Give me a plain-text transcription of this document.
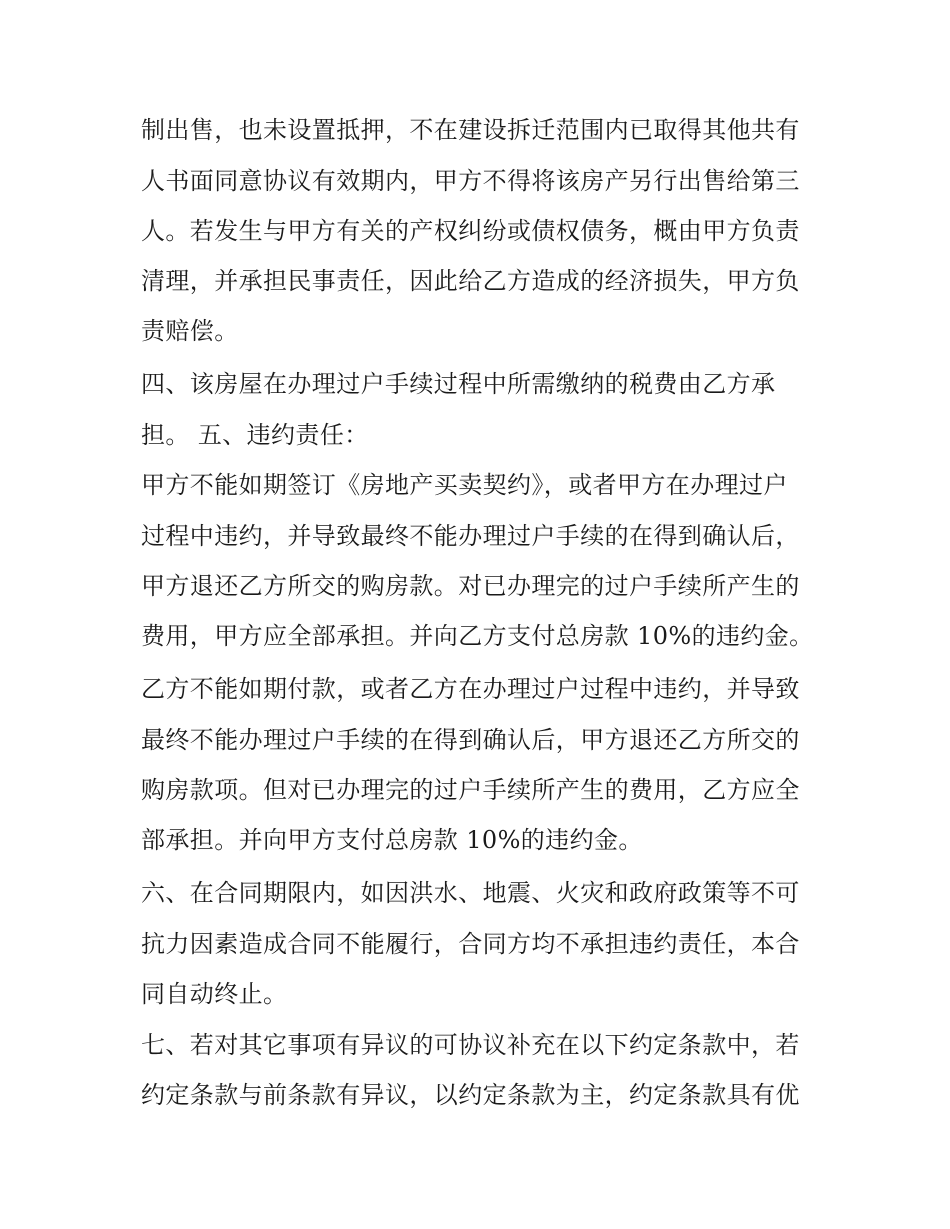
制出售，也未设置抵押，不在建设拆迁范围内已取得其他共有

人书面同意协议有效期内，甲方不得将该房产另行出售给第三

人。若发生与甲方有关的产权纠纷或债权债务，概由甲方负责

清理，并承担民事责任，因此给乙方造成的经济损失，甲方负

责赔偿。

四、该房屋在办理过户手续过程中所需缴纳的税费由乙方承

担。 五、违约责任：

甲方不能如期签订《房地产买卖契约》，或者甲方在办理过户

过程中违约，并导致最终不能办理过户手续的在得到确认后，

甲方退还乙方所交的购房款。对已办理完的过户手续所产生的

费用，甲方应全部承担。并向乙方支付总房款 10%的违约金。

乙方不能如期付款，或者乙方在办理过户过程中违约，并导致

最终不能办理过户手续的在得到确认后，甲方退还乙方所交的

购房款项。但对已办理完的过户手续所产生的费用，乙方应全

部承担。并向甲方支付总房款 10%的违约金。

六、在合同期限内，如因洪水、地震、火灾和政府政策等不可

抗力因素造成合同不能履行，合同方均不承担违约责任，本合

同自动终止。

七、若对其它事项有异议的可协议补充在以下约定条款中，若

约定条款与前条款有异议，以约定条款为主，约定条款具有优
